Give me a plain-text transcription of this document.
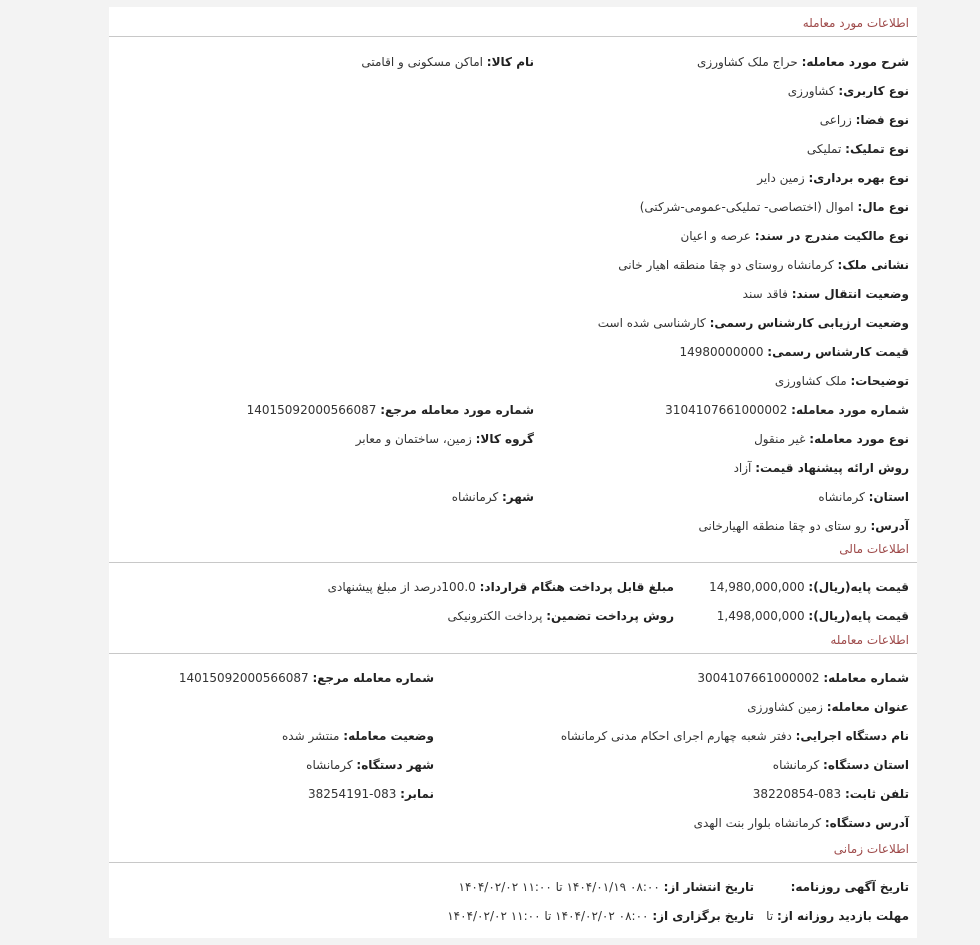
اطلاعات مورد معامله
شرح مورد معامله: حراج ملک کشاورزی
نام کالا: اماکن مسکونی و اقامتی
نوع کاربری: کشاورزی
نوع فضا: زراعی
نوع تملیک: تملیکی
نوع بهره برداری: زمین دایر
نوع مال: اموال (اختصاصی- تملیکی-عمومی-شرکتی)
نوع مالکیت مندرج در سند: عرصه و اعیان
نشانی ملک: کرمانشاه روستای دو چقا منطقه اهیار خانی
وضعیت انتقال سند: فاقد سند
وضعیت ارزیابی کارشناس رسمی: کارشناسی شده است
قیمت کارشناس رسمی: 14980000000
توضیحات: ملک کشاورزی
شماره مورد معامله: 3104107661000002
شماره مورد معامله مرجع: 14015092000566087
نوع مورد معامله: غیر منقول
گروه کالا: زمین، ساختمان و معابر
روش ارائه پیشنهاد قیمت: آزاد
استان: کرمانشاه
شهر: کرمانشاه
آدرس: رو ستای دو چقا منطقه الهیارخانی
اطلاعات مالی
قیمت پایه(ریال): 14,980,000,000
مبلغ قابل پرداخت هنگام قرارداد: 100.0درصد از مبلغ پیشنهادی
قیمت پایه(ریال): 1,498,000,000
روش پرداخت تضمین: پرداخت الکترونیکی
اطلاعات معامله
شماره معامله: 3004107661000002
شماره معامله مرجع: 14015092000566087
عنوان معامله: زمین کشاورزی
نام دستگاه اجرایی: دفتر شعبه چهارم اجرای احکام مدنی کرمانشاه
وضعیت معامله: منتشر شده
استان دستگاه: کرمانشاه
شهر دستگاه: کرمانشاه
تلفن ثابت: 083-38220854
نمابر: 083-38254191
آدرس دستگاه: کرمانشاه بلوار بنت الهدی
اطلاعات زمانی
تاریخ آگهی روزنامه:
تاریخ انتشار از: ۰۸:۰۰ ۱۴۰۴/۰۱/۱۹ تا ۱۱:۰۰ ۱۴۰۴/۰۲/۰۲
مهلت بازدید روزانه از: تا
تاریخ برگزاری از: ۰۸:۰۰ ۱۴۰۴/۰۲/۰۲ تا ۱۱:۰۰ ۱۴۰۴/۰۲/۰۲
